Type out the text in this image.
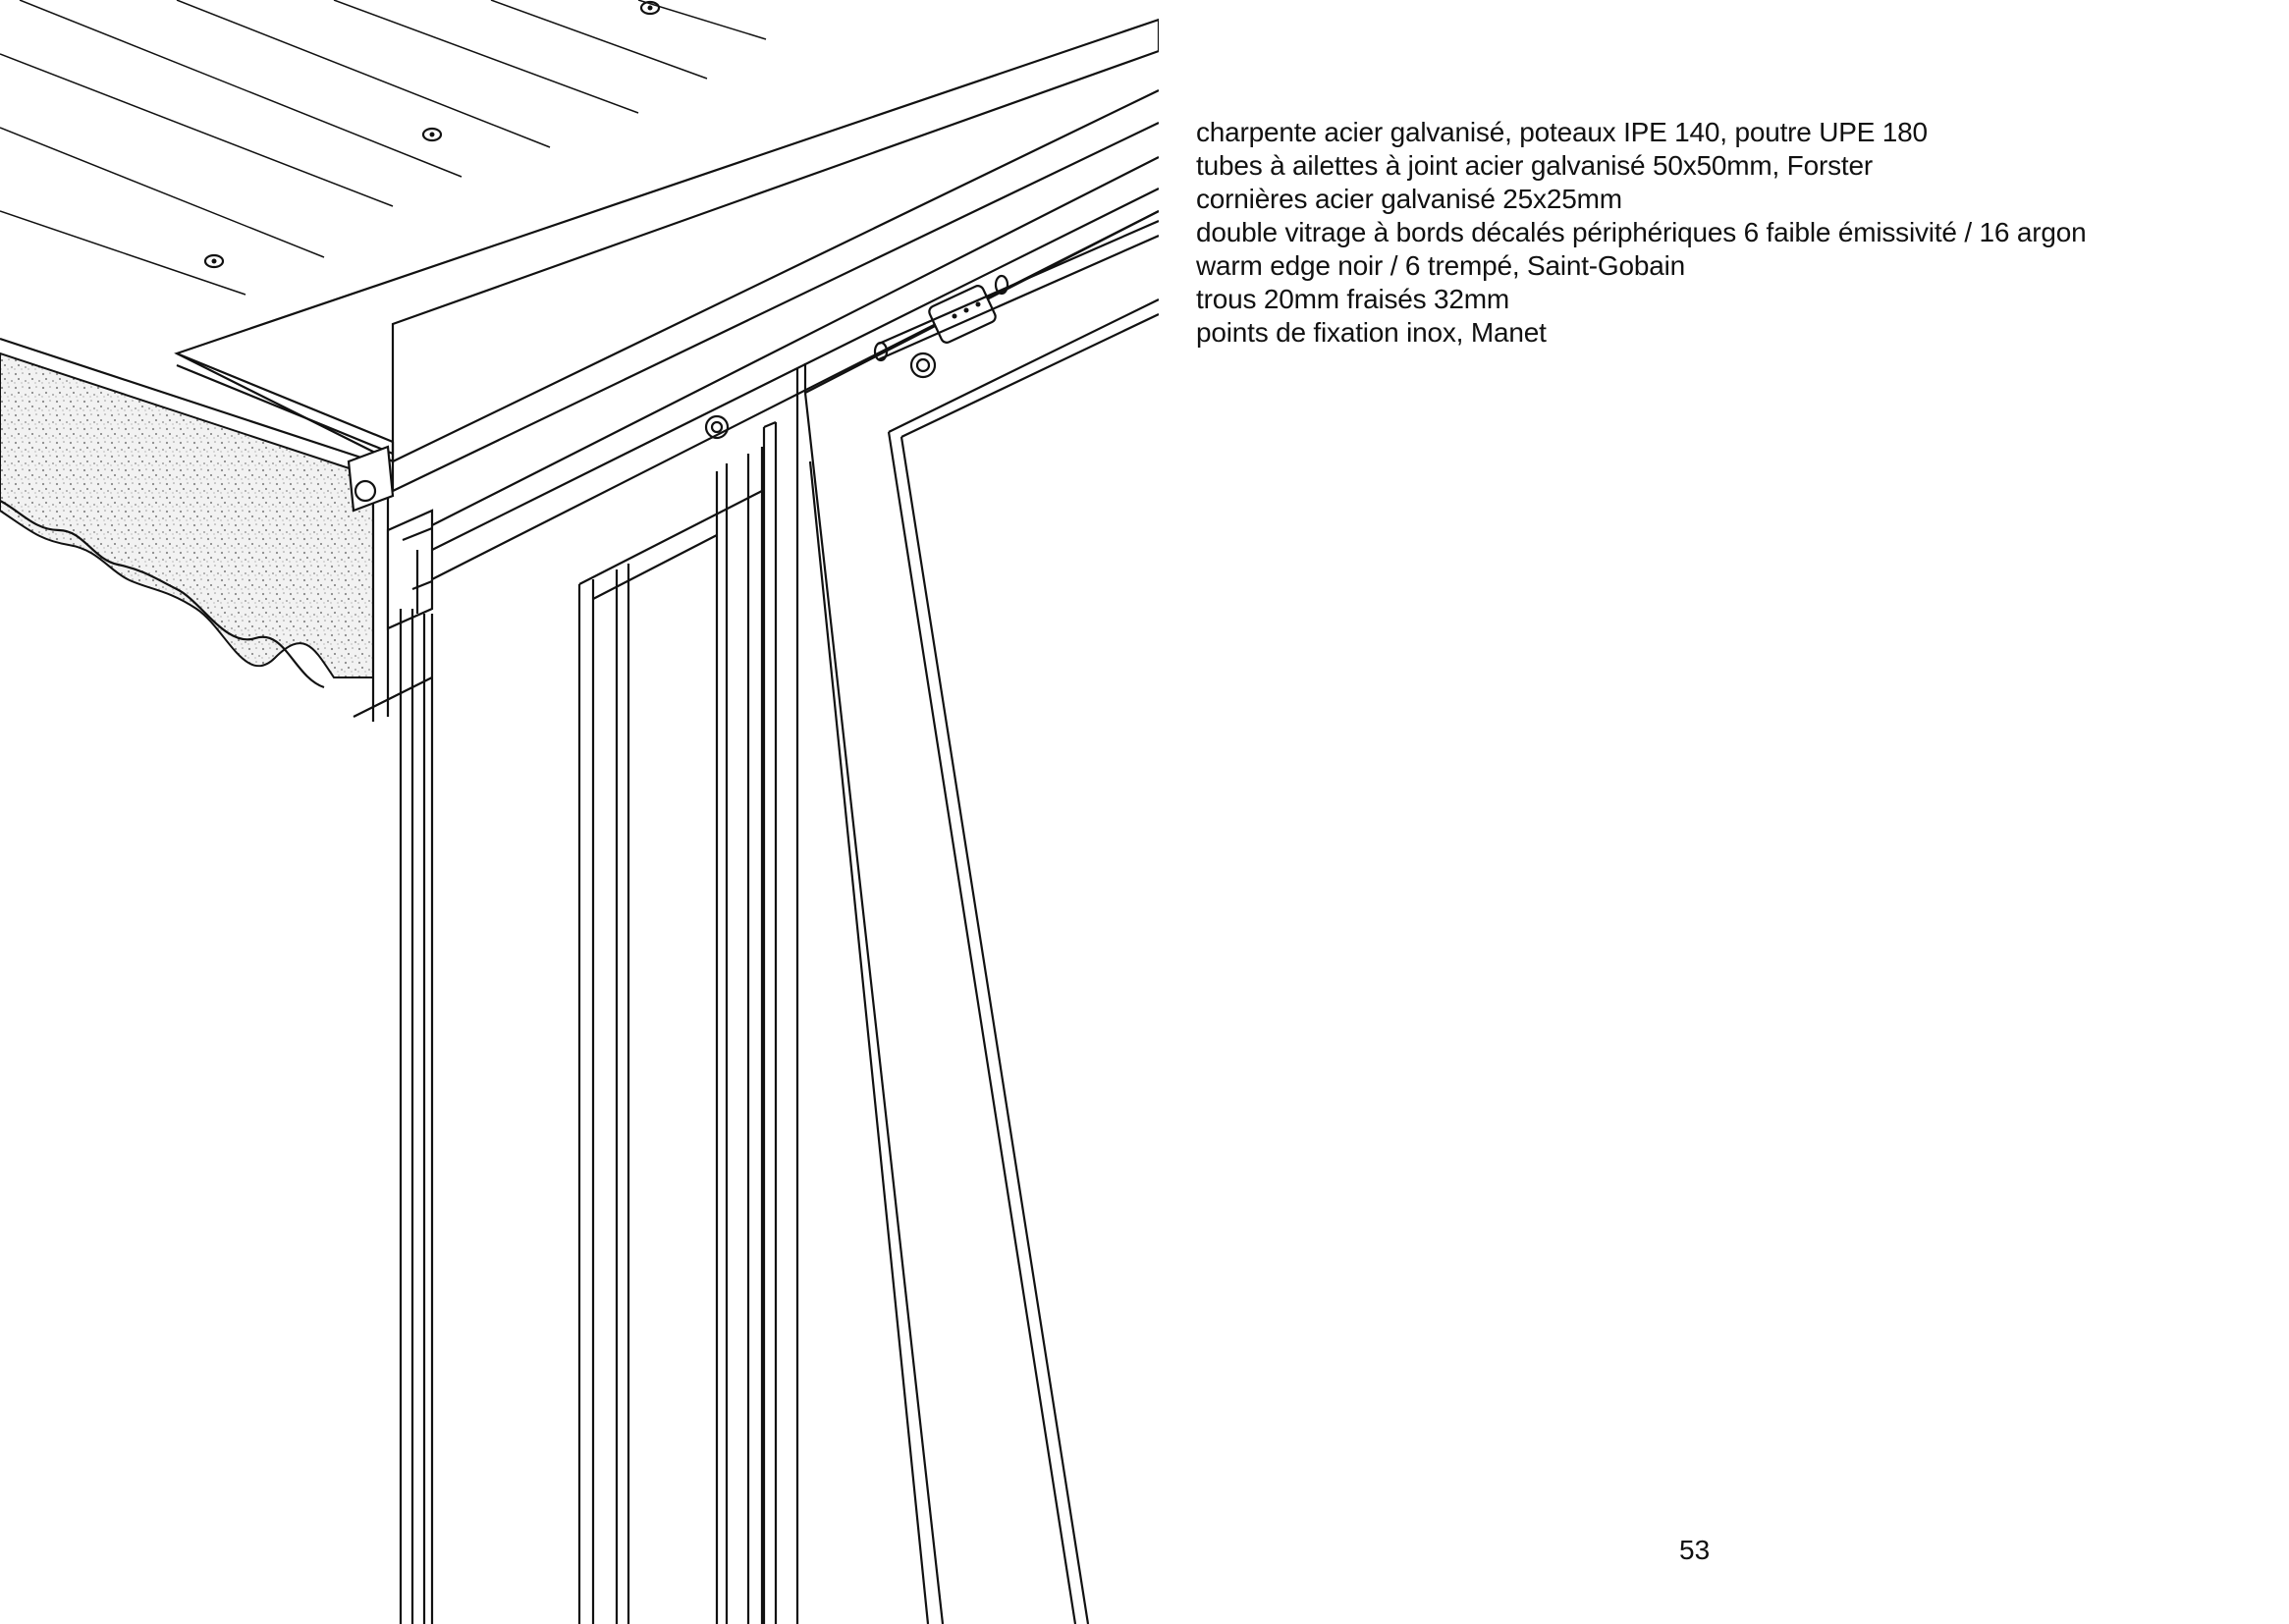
charpente acier galvanisé, poteaux IPE 140, poutre UPE 180
tubes à ailettes à joint acier galvanisé 50x50mm, Forster
cornières acier galvanisé 25x25mm
double vitrage à bords décalés périphériques 6 faible émissivité / 16 argon
warm edge noir / 6 trempé, Saint-Gobain
trous 20mm fraisés 32mm
points de fixation inox, Manet
53
